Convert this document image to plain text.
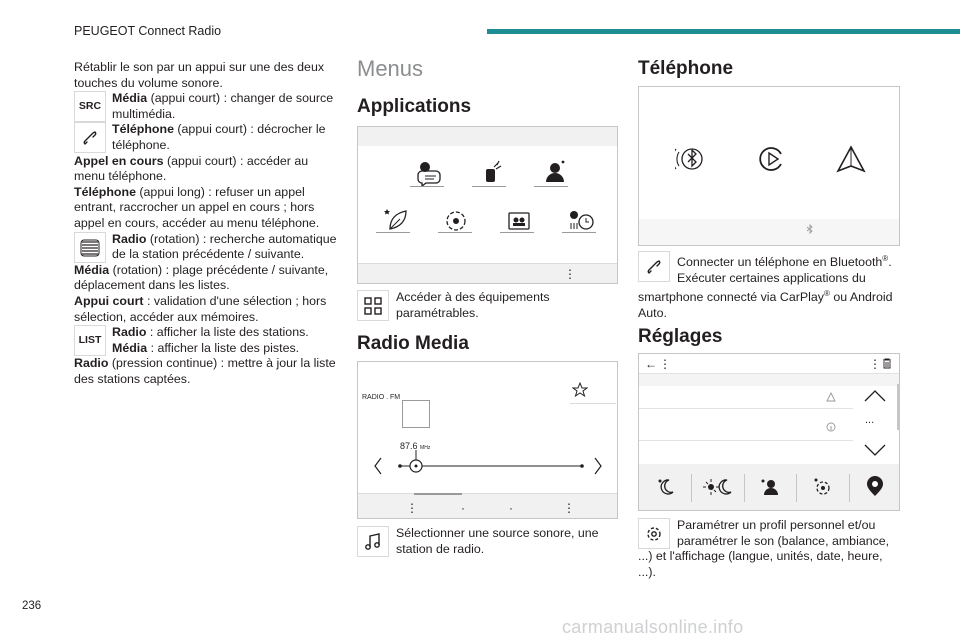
PEUGEOT Connect Radio

Rétablir le son par un appui sur une des deux touches du volume sonore.

SRC
Média (appui court) : changer de source multimédia.
Téléphone (appui court) : décrocher le téléphone.

Appel en cours (appui court) : accéder au menu téléphone.

Téléphone (appui long) : refuser un appel entrant, raccrocher un appel en cours ; hors appel en cours, accéder au menu téléphone.

Radio (rotation) : recherche automatique de la station précédente / suivante.

Média (rotation) : plage précédente / suivante, déplacement dans les listes.

Appui court : validation d'une sélection ; hors sélection, accéder aux mémoires.

LIST
Radio : afficher la liste des stations.
Média : afficher la liste des pistes.

Radio (pression continue) : mettre à jour la liste des stations captées.

Menus
Applications
⋮
Accéder à des équipements paramétrables.
Radio Media
RADIO . FM
87.6 MHz
⋮	·	·	⋮
Sélectionner une source sonore, une station de radio.
Téléphone
Connecter un téléphone en Bluetooth®. Exécuter certaines applications du smartphone connecté via CarPlay® ou Android Auto.
Réglages
← ⋮	⋮
...
Paramétrer un profil personnel et/ou paramétrer le son (balance, ambiance, ...) et l'affichage (langue, unités, date, heure, ...).
236
carmanualsonline.info
